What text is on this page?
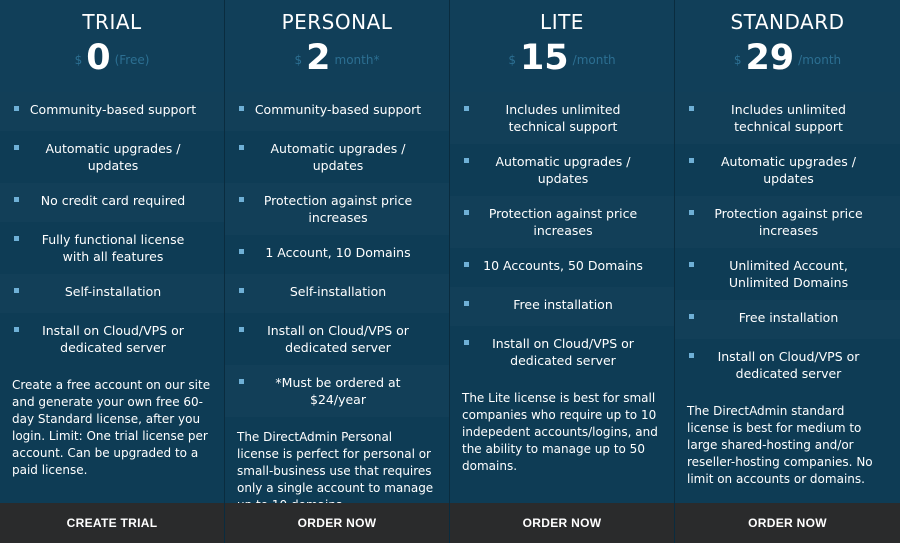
TRIAL
$ 0 (Free)
Community-based support
Automatic upgrades / updates
No credit card required
Fully functional license with all features
Self-installation
Install on Cloud/VPS or dedicated server

Create a free account on our site and generate your own free 60-day Standard license, after you login. Limit: One trial license per account. Can be upgraded to a paid license.

CREATE TRIAL
PERSONAL
$ 2 month*
Community-based support
Automatic upgrades / updates
Protection against price increases
1 Account, 10 Domains
Self-installation
Install on Cloud/VPS or dedicated server
*Must be ordered at $24/year

The DirectAdmin Personal license is perfect for personal or small-business use that requires only a single account to manage

ORDER NOW
LITE
$ 15 /month
Includes unlimited technical support
Automatic upgrades / updates
Protection against price increases
10 Accounts, 50 Domains
Free installation
Install on Cloud/VPS or dedicated server

The Lite license is best for small companies who require up to 10 indepedent accounts/logins, and the ability to manage up to 50 domains.

ORDER NOW
STANDARD
$ 29 /month
Includes unlimited technical support
Automatic upgrades / updates
Protection against price increases
Unlimited Account, Unlimited Domains
Free installation
Install on Cloud/VPS or dedicated server

The DirectAdmin standard license is best for medium to large shared-hosting and/or reseller-hosting companies. No limit on accounts or domains.

ORDER NOW
